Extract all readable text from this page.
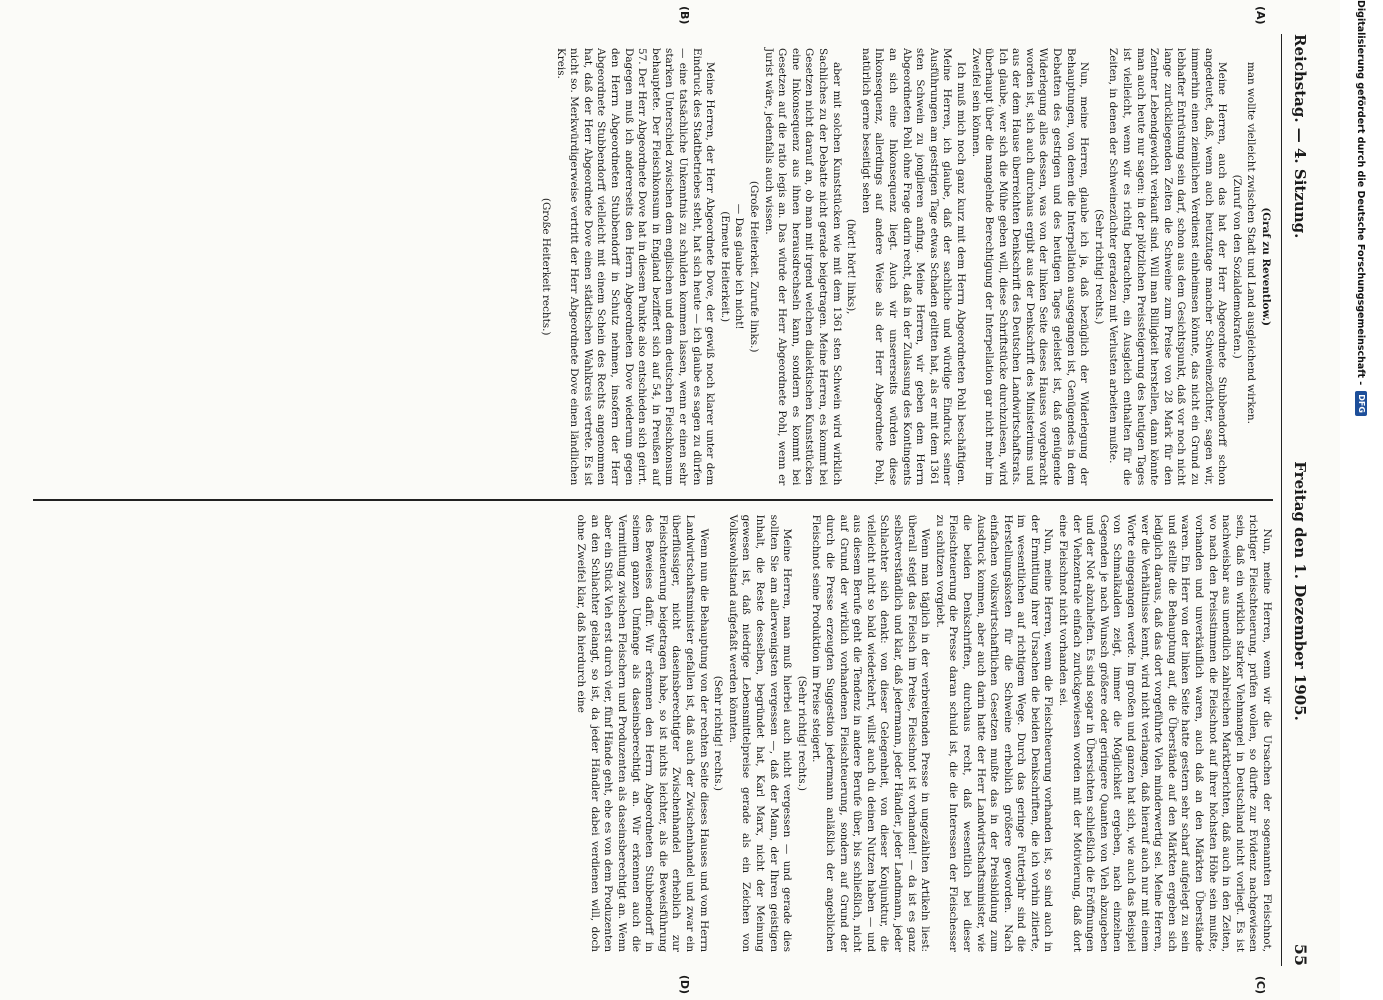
Reichstag. — 4. Sitzung.
Freitag den 1. Dezember 1905.
55
(A)
(B)

(Graf zu Reventlow.)

man wollte vielleicht zwischen Stadt und Land ausgleichend wirken.

(Zuruf von den Sozialdemokraten.)

Meine Herren, auch das hat der Herr Abgeordnete Stubbendorff schon angedeutet, daß, wenn auch heutzutage mancher Schweinezüchter, sagen wir, immerhin einen ziemlichen Verdienst einheimsen könnte, das nicht ein Grund zu lebhafter Entrüstung sein darf, schon aus dem Gesichtspunkt, daß vor noch nicht lange zurückliegenden Zeiten die Schweine zum Preise von 28 Mark für den Zentner Lebendgewicht verkauft sind. Will man Billigkeit herstellen, dann könnte man auch heute nur sagen: in der plötzlichen Preissteigerung des heutigen Tages ist vielleicht, wenn wir es richtig betrachten, ein Ausgleich enthalten für die Zeiten, in denen der Schweinezüchter geradezu mit Verlusten arbeiten mußte.

(Sehr richtig! rechts.)

Nun, meine Herren, glaube ich ja, daß bezüglich der Widerlegung der Behauptungen, von denen die Interpellation ausgegangen ist, Genügendes in dem Debatten des gestrigen und des heutigen Tages geleistet ist, daß genügende Widerlegung alles dessen, was von der linken Seite dieses Hauses vorgebracht worden ist, sich auch durchaus ergibt aus der Denkschrift des Ministeriums und aus der dem Hause überreichten Denkschrift des Deutschen Landwirtschaftsrats. Ich glaube, wer sich die Mühe geben will, diese Schriftstücke durchzulesen, wird überhaupt über die mangelnde Berechtigung der Interpellation gar nicht mehr im Zweifel sein können.

Ich muß mich noch ganz kurz mit dem Herrn Abgeordneten Pohl beschäftigen. Meine Herren, ich glaube, daß der sachliche und würdige Eindruck seiner Ausführungen am gestrigen Tage etwas Schaden gelitten hat, als er mit dem 1361 sten Schwein zu jonglieren anfing. Meine Herren, wir geben dem Herrn Abgeordneten Pohl ohne Frage darin recht, daß in der Zulassung des Kontingents an sich eine Inkonsequenz liegt. Auch wir unsererseits würden diese Inkonsequenz, allerdings auf andere Weise als der Herr Abgeordnete Pohl, natürlich gerne beseitigt sehen

(hört! hört! links),

aber mit solchen Kunststücken wie mit dem 1361 sten Schwein wird wirklich Sachliches zu der Debatte nicht gerade beigetragen. Meine Herren, es kommt bei Gesetzen nicht darauf an, ob man mit irgend welchen dialektischen Kunststücken eine Inkonsequenz aus ihnen herausdrechseln kann, sondern es kommt bei Gesetzen auf die ratio legis an. Das würde der Herr Abgeordnete Pohl, wenn er Jurist wäre, jedenfalls auch wissen.

(Große Heiterkeit. Zurufe links.)

— Das glaube ich nicht!

(Erneute Heiterkeit.)

Meine Herren, der Herr Abgeordnete Dove, der gewiß noch klarer unter dem Eindruck des Stadtbetriebes steht, hat sich heute — ich glaube es sagen zu dürfen — eine tatsächliche Unkenntnis zu schulden kommen lassen, wenn er einen sehr starken Unterschied zwischen dem englischen und dem deutschen Fleischkonsum behauptete. Der Fleischkonsum in England beziffert sich auf 54, in Preußen auf 57. Der Herr Abgeordnete Dove hat in diesem Punkte also entschieden sich geirrt. Dagegen muß ich andererseits den Herrn Abgeordneten Dove wiederum gegen den Herrn Abgeordneten Stubbendorff in Schutz nehmen, insofern der Herr Abgeordnete Stubbendorff vielleicht mit einem Schein des Rechts angenommen hat, daß der Herr Abgeordnete Dove einen städtischen Wahlkreis vertrete. Es ist nicht so. Merkwürdigerweise vertritt der Herr Abgeordnete Dove einen ländlichen Kreis.

(Große Heiterkeit rechts.)

(C)
(D)

Nun, meine Herren, wenn wir die Ursachen der sogenannten Fleischnot, richtiger Fleischteuerung, prüfen wollen, so dürfte zur Evidenz nachgewiesen sein, daß ein wirklich starker Viehmangel in Deutschland nicht vorliegt. Es ist nachweisbar aus unendlich zahlreichen Marktberichten, daß auch in den Zeiten, wo nach den Preisstimmen die Fleischnot auf ihrer höchsten Höhe sein mußte, vorhanden und unverkäuflich waren, auch daß an den Märkten Überstände waren. Ein Herr von der linken Seite hatte gestern sehr scharf aufgelegt zu sein und stellte die Behauptung auf, die Überstände auf den Märkten ergeben sich lediglich daraus, daß das dort vorgeführte Vieh minderwertig sei. Meine Herren, wer die Verhältnisse kennt, wird nicht verlangen, daß hierauf auch nur mit einem Worte eingegangen werde. Im großen und ganzen hat sich, wie auch das Beispiel von Schmalkalden zeigt, immer die Möglichkeit ergeben, nach einzelnen Gegenden je nach Wunsch größere oder geringere Quanten von Vieh abzugeben und der Not abzuhelfen. Es sind sogar in Übersichten schließlich die Eröffnungen der Viehzentrale einfach zurückgewiesen worden mit der Motivierung, daß dort eine Fleischnot nicht vorhanden sei.

Nun, meine Herren, wenn die Fleischteuerung vorhanden ist, so sind auch in der Ermittlung ihrer Ursachen die beiden Denkschriften, die ich vorhin zitierte, im wesentlichen auf richtigem Wege. Durch das geringe Futterjahr sind die Herstellungskosten für die Schweine erheblich größere geworden. Nach einfachen volkswirtschaftlichen Gesetzen mußte das in der Preisbildung zum Ausdruck kommen, aber auch darin hatte der Herr Landwirtschaftsminister, wie die beiden Denkschriften, durchaus recht, daß wesentlich bei dieser Fleischteuerung die Presse daran schuld ist, die die Interessen der Fleischesser zu schützen vorgiebt.

Wenn man täglich in der verbreitenden Presse in ungezählten Artikeln liest: überall steigt das Fleisch im Preise, Fleischnot ist vorhanden! — da ist es ganz selbstverständlich und klar, daß jedermann, jeder Händler, jeder Landmann, jeder Schlachter sich denkt: von dieser Gelegenheit, von dieser Konjunktur, die vielleicht nicht so bald wiederkehrt, willst auch du deinen Nutzen haben — und aus diesem Berufe geht die Tendenz in andere Berufe über, bis schließlich, nicht auf Grund der wirklich vorhandenen Fleischteuerung, sondern auf Grund der durch die Presse erzeugten Suggestion jedermann anläßlich der angeblichen Fleischnot seine Produktion im Preise steigert.

(Sehr richtig! rechts.)

Meine Herren, man muß hierbei auch nicht vergessen — und gerade dies sollten Sie am allerwenigsten vergessen —, daß der Mann, der Ihren geistigen Inhalt, die Reste desselben, begründet hat, Karl Marx, nicht der Meinung gewesen ist, daß niedrige Lebensmittelpreise gerade als ein Zeichen von Volkswohlstand aufgefaßt werden könnten.

(Sehr richtig! rechts.)

Wenn nun die Behauptung von der rechten Seite dieses Hauses und vom Herrn Landwirtschaftsminister gefallen ist, daß auch der Zwischenhandel und zwar ein überflüssiger, nicht daseinsberechtigter Zwischenhandel erheblich zur Fleischteuerung beigetragen habe, so ist nichts leichter, als die Beweisführung des Beweises dafür. Wir erkennen den Herrn Abgeordneten Stubbendorff in seinem ganzen Umfange als daseinsberechtigt an. Wir erkennen auch die Vermittlung zwischen Fleischern und Produzenten als daseinsberechtigt an. Wenn aber ein Stück Vieh erst durch vier, fünf Hände geht, ehe es von dem Produzenten an den Schlachter gelangt, so ist, da jeder Händler dabei verdienen will, doch ohne Zweifel klar, daß hierdurch eine

Digitalisierung gefördert durch die Deutsche Forschungsgemeinschaft -
DFG
